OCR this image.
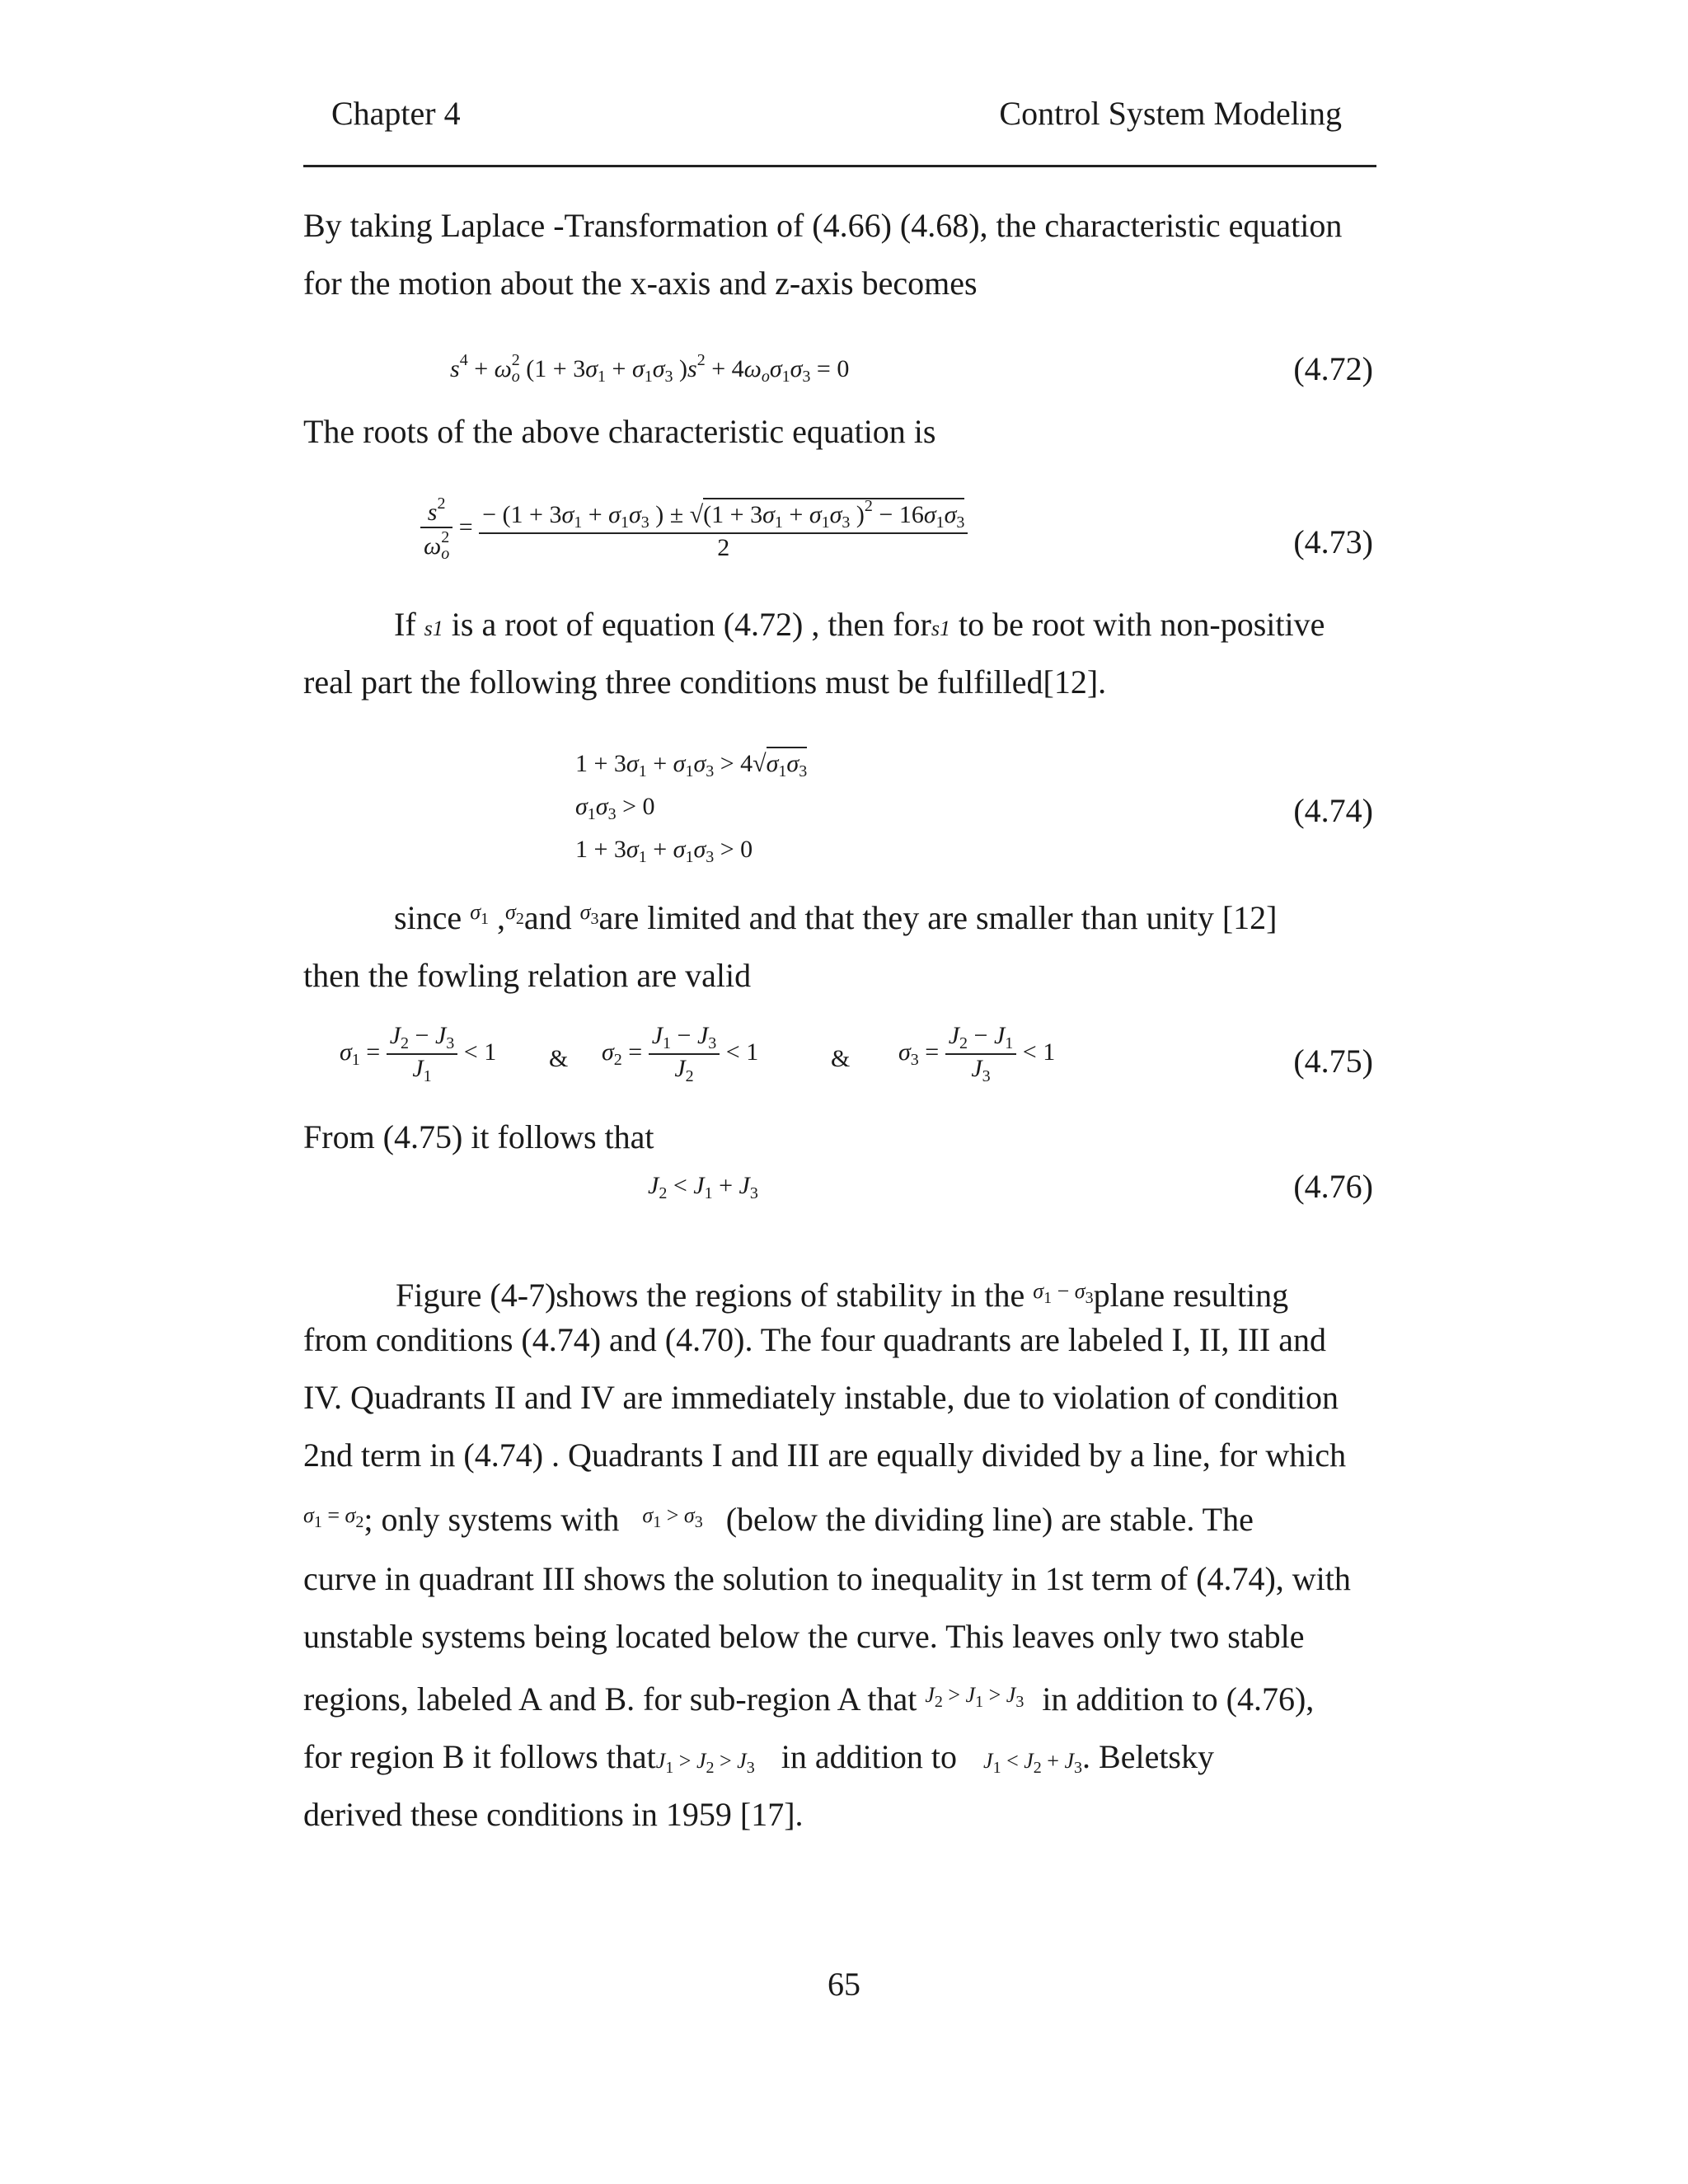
Chapter 4	Control System Modeling
By taking Laplace -Transformation of (4.66) (4.68), the characteristic equation
for the motion about the x-axis and z-axis becomes
$s^4 + \omega_o^2$ ($1 + 3\sigma_1 + \sigma_1\sigma_3$ )$s^2 + 4\omega_o\sigma_1\sigma_3 = 0$	(4.72)
The roots of the above characteristic equation is
$\frac{s^2}{\omega_o^2} = \frac{- (1 + 3\sigma_1 + \sigma_1\sigma_3 ) \pm √(1 + 3\sigma_1 + \sigma_1\sigma_3 )^2 - 16\sigma_1\sigma_3}{2}$	(4.73)
If s1 is a root of equation (4.72) , then fors1 to be root with non-positive
real part the following three conditions must be fulfilled[12].
$1 + 3\sigma_1 + \sigma_1\sigma_3 > 4√\sigma_1\sigma_3$
$\sigma_1\sigma_3 > 0$
$1 + 3\sigma_1 + \sigma_1\sigma_3 > 0$
(4.74)
since $^{\sigma_1}$ ,$^{\sigma_2}$and $^{\sigma_3}$are limited and that they are smaller than unity [12]
then the fowling relation are valid
$\sigma_1 = \frac{J_2 - J_3}{J_1} < 1$ & $\sigma_2 = \frac{J_1 - J_3}{J_2} < 1$	& $\sigma_3 = \frac{J_2 - J_1}{J_3} < 1$	(4.75)
From (4.75) it follows that
$J_2 < J_1 + J_3$	(4.76)
Figure (4-7)shows the regions of stability in the $^{\sigma_1 - \sigma_3}$plane resulting
from conditions (4.74) and (4.70). The four quadrants are labeled I, II, III and
IV. Quadrants II and IV are immediately instable, due to violation of condition
2nd term in (4.74) . Quadrants I and III are equally divided by a line, for which
$^{\sigma_1 = \sigma_2}$; only systems with $^{\sigma_1 > \sigma_3}$ (below the dividing line) are stable. The
curve in quadrant III shows the solution to inequality in 1st term of (4.74), with
unstable systems being located below the curve. This leaves only two stable
regions, labeled A and B. for sub-region A that $^{J_2 > J_1 > J_3}$ in addition to (4.76),
for region B it follows thatJ$_1$ > $J_2 > J_3$ in addition to $J_1 < J_2 + J_3$. Beletsky
derived these conditions in 1959 [17].
65
